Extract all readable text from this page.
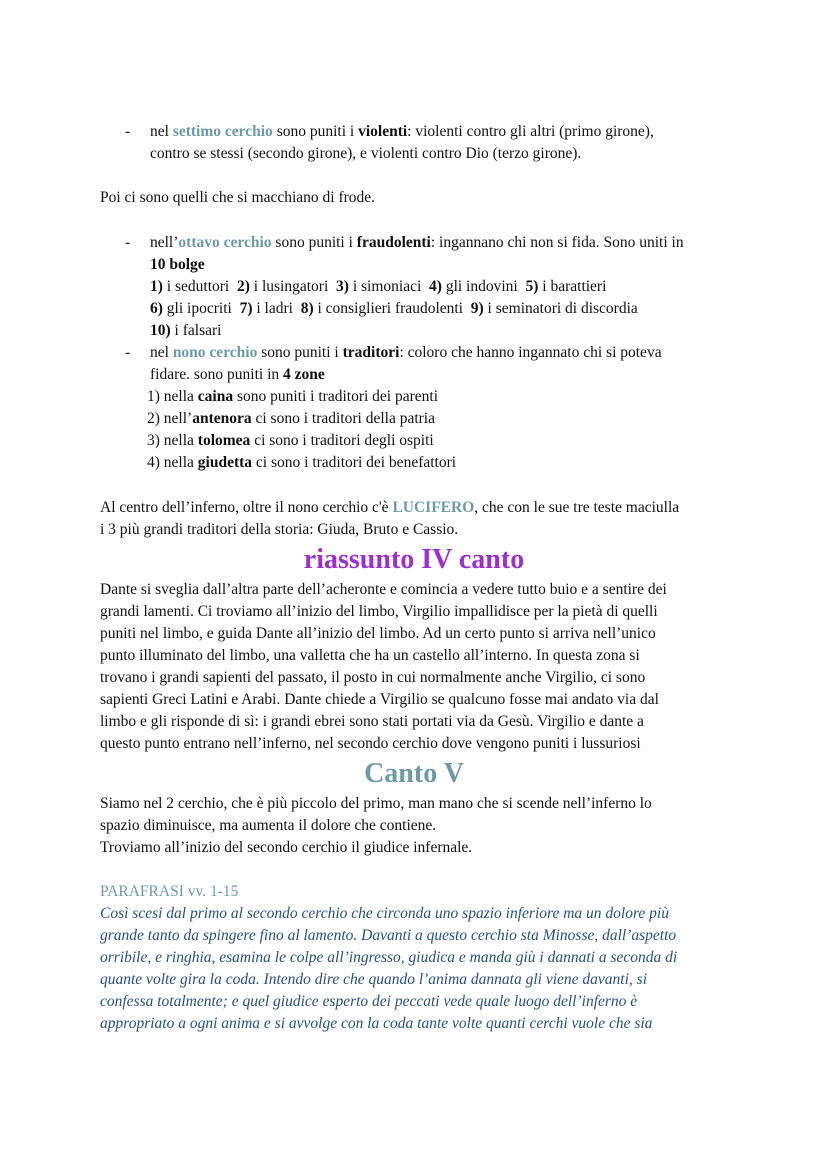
- nel settimo cerchio sono puniti i violenti: violenti contro gli altri (primo girone),
contro se stessi (secondo girone), e violenti contro Dio (terzo girone).
Poi ci sono quelli che si macchiano di frode.
- nell’ottavo cerchio sono puniti i fraudolenti: ingannano chi non si fida. Sono uniti in
10 bolge
1) i seduttori  2) i lusingatori  3) i simoniaci  4) gli indovini  5) i barattieri
6) gli ipocriti  7) i ladri  8) i consiglieri fraudolenti  9) i seminatori di discordia
10) i falsari
- nel nono cerchio sono puniti i traditori: coloro che hanno ingannato chi si poteva
fidare. sono puniti in 4 zone
1) nella caina sono puniti i traditori dei parenti
2) nell’antenora ci sono i traditori della patria
3) nella tolomea ci sono i traditori degli ospiti
4) nella giudetta ci sono i traditori dei benefattori
Al centro dell’inferno, oltre il nono cerchio c'è LUCIFERO, che con le sue tre teste maciulla
i 3 più grandi traditori della storia: Giuda, Bruto e Cassio.
riassunto IV canto
Dante si sveglia dall’altra parte dell’acheronte e comincia a vedere tutto buio e a sentire dei
grandi lamenti. Ci troviamo all’inizio del limbo, Virgilio impallidisce per la pietà di quelli
puniti nel limbo, e guida Dante all’inizio del limbo. Ad un certo punto si arriva nell’unico
punto illuminato del limbo, una valletta che ha un castello all’interno. In questa zona si
trovano i grandi sapienti del passato, il posto in cui normalmente anche Virgilio, ci sono
sapienti Greci Latini e Arabi. Dante chiede a Virgilio se qualcuno fosse mai andato via dal
limbo e gli risponde di sì: i grandi ebrei sono stati portati via da Gesù. Virgilio e dante a
questo punto entrano nell’inferno, nel secondo cerchio dove vengono puniti i lussuriosi
Canto V
Siamo nel 2 cerchio, che è più piccolo del primo, man mano che si scende nell’inferno lo
spazio diminuisce, ma aumenta il dolore che contiene.
Troviamo all’inizio del secondo cerchio il giudice infernale.
PARAFRASI vv. 1-15
Così scesi dal primo al secondo cerchio che circonda uno spazio inferiore ma un dolore più
grande tanto da spingere fino al lamento. Davanti a questo cerchio sta Minosse, dall’aspetto
orribile, e ringhia, esamina le colpe all’ingresso, giudica e manda giù i dannati a seconda di
quante volte gira la coda. Intendo dire che quando l’anima dannata gli viene davanti, si
confessa totalmente; e quel giudice esperto dei peccati vede quale luogo dell’inferno è
appropriato a ogni anima e si avvolge con la coda tante volte quanti cerchi vuole che sia
